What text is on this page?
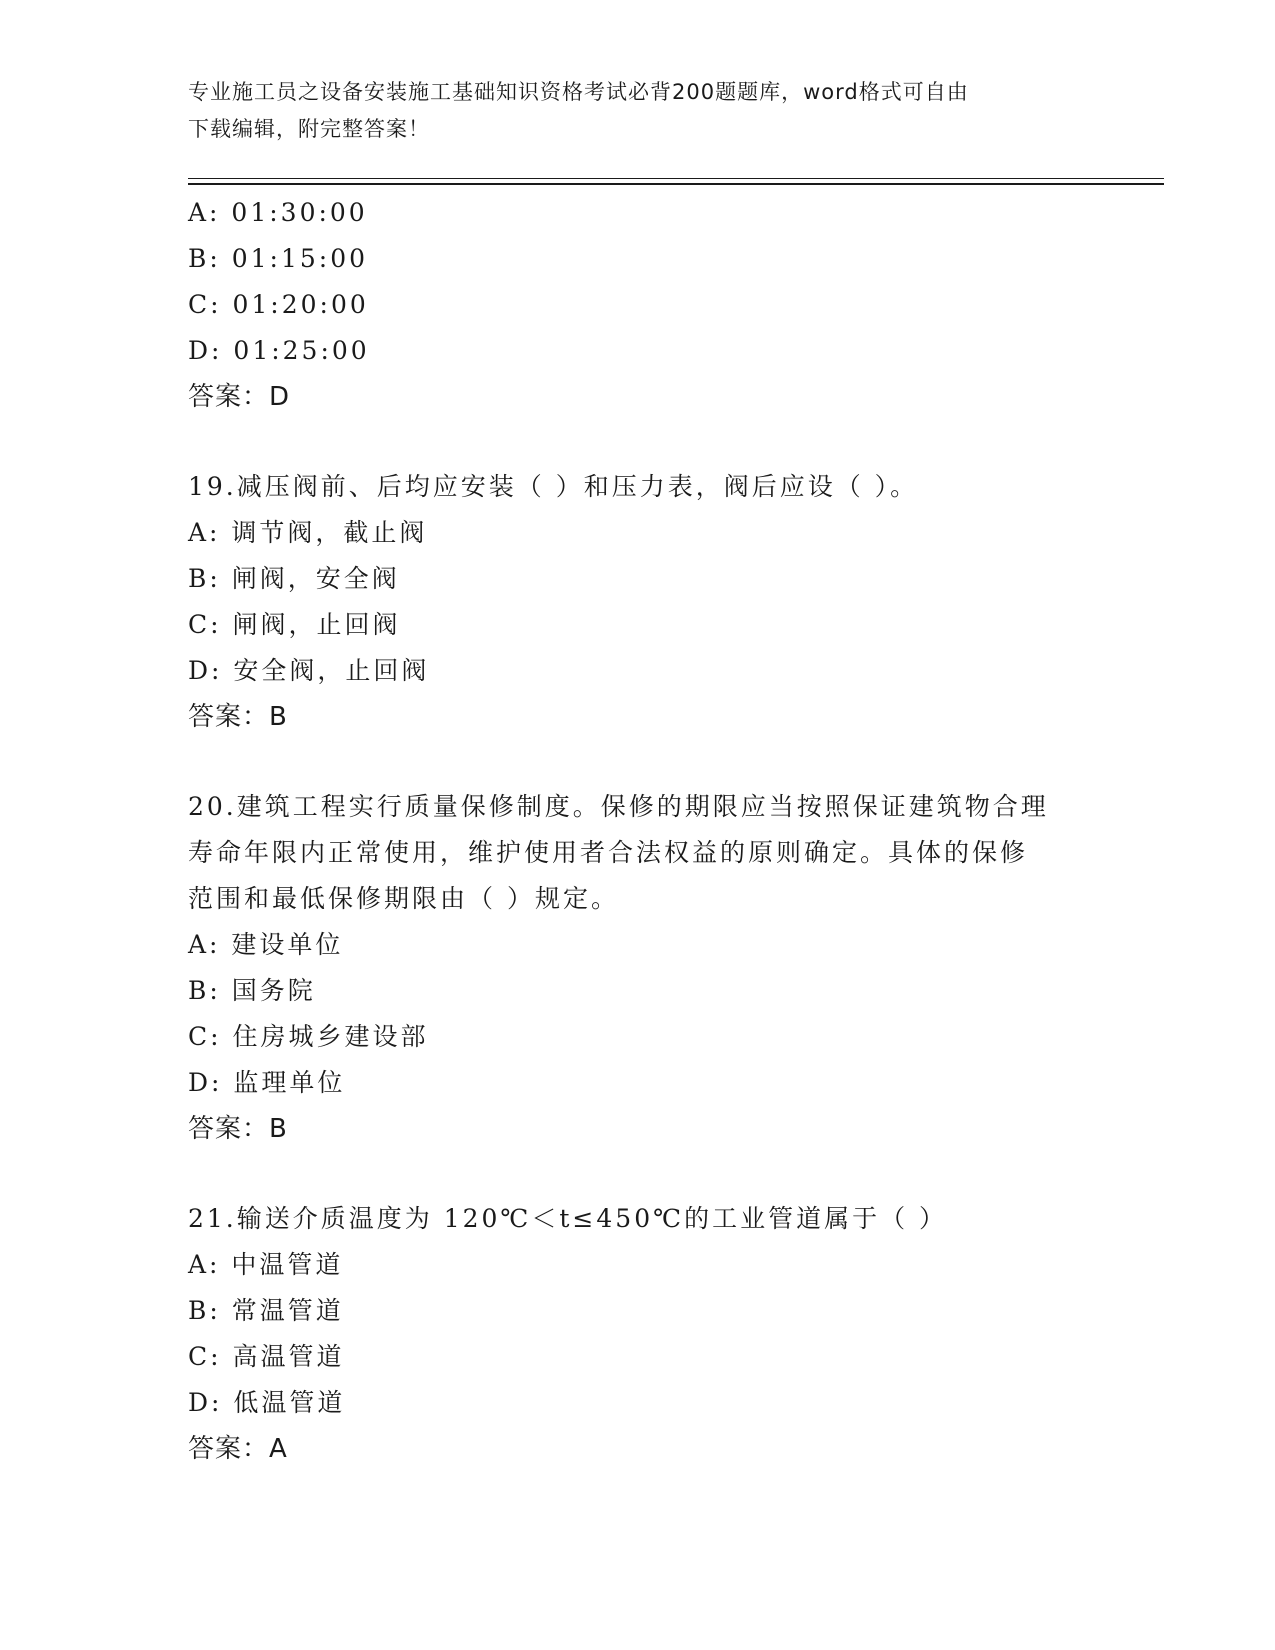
专业施工员之设备安装施工基础知识资格考试必背200题题库，word格式可自由
下载编辑，附完整答案！
A: 01:30:00
B: 01:15:00
C: 01:20:00
D: 01:25:00
答案：D
19.减压阀前、后均应安装（ ）和压力表，阀后应设（ ）。
A: 调节阀，截止阀
B: 闸阀，安全阀
C: 闸阀，止回阀
D: 安全阀，止回阀
答案：B
20.建筑工程实行质量保修制度。保修的期限应当按照保证建筑物合理
寿命年限内正常使用，维护使用者合法权益的原则确定。具体的保修
范围和最低保修期限由（ ）规定。
A: 建设单位
B: 国务院
C: 住房城乡建设部
D: 监理单位
答案：B
21.输送介质温度为 120℃＜t≤450℃的工业管道属于（ ）
A: 中温管道
B: 常温管道
C: 高温管道
D: 低温管道
答案：A
